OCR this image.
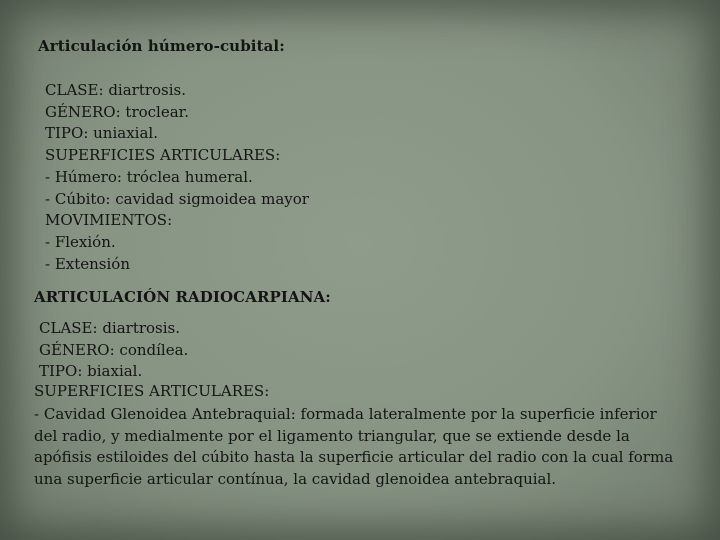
Articulación húmero-cubital:
CLASE: diartrosis.
GÉNERO: troclear.
TIPO: uniaxial.
SUPERFICIES ARTICULARES:
- Húmero: tróclea humeral.
- Cúbito: cavidad sigmoidea mayor
MOVIMIENTOS:
- Flexión.
- Extensión
ARTICULACIÓN RADIOCARPIANA:
CLASE: diartrosis.
GÉNERO: condílea.
TIPO: biaxial.
SUPERFICIES ARTICULARES:
- Cavidad Glenoidea Antebraquial: formada lateralmente por la superficie inferior
del radio, y medialmente por el ligamento triangular, que se extiende desde la
apófisis estiloides del cúbito hasta la superficie articular del radio con la cual forma
una superficie articular contínua, la cavidad glenoidea antebraquial.
